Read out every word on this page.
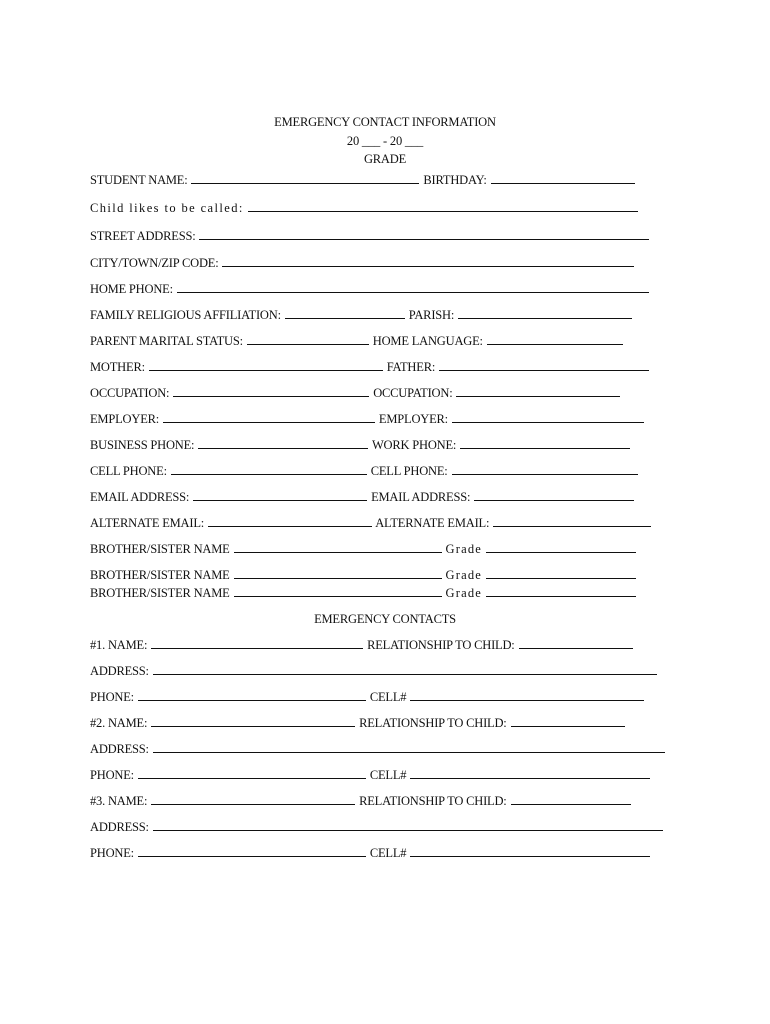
EMERGENCY CONTACT INFORMATION
20 ___ - 20 ___
GRADE
STUDENT NAME:	BIRTHDAY:
Child likes to be called:
STREET ADDRESS:
CITY/TOWN/ZIP CODE:
HOME PHONE:
FAMILY RELIGIOUS AFFILIATION:	PARISH:
PARENT MARITAL STATUS:	HOME LANGUAGE:
MOTHER:	FATHER:
OCCUPATION:	OCCUPATION:
EMPLOYER:	EMPLOYER:
BUSINESS PHONE:	WORK PHONE:
CELL PHONE:	CELL PHONE:
EMAIL ADDRESS:	EMAIL ADDRESS:
ALTERNATE EMAIL:	ALTERNATE EMAIL:
BROTHER/SISTER NAME	Grade
BROTHER/SISTER NAME	Grade
BROTHER/SISTER NAME	Grade
EMERGENCY CONTACTS
#1. NAME:	RELATIONSHIP TO CHILD:
ADDRESS:
PHONE:	CELL#
#2. NAME:	RELATIONSHIP TO CHILD:
ADDRESS:
PHONE:	CELL#
#3. NAME:	RELATIONSHIP TO CHILD:
ADDRESS:
PHONE:	CELL#
